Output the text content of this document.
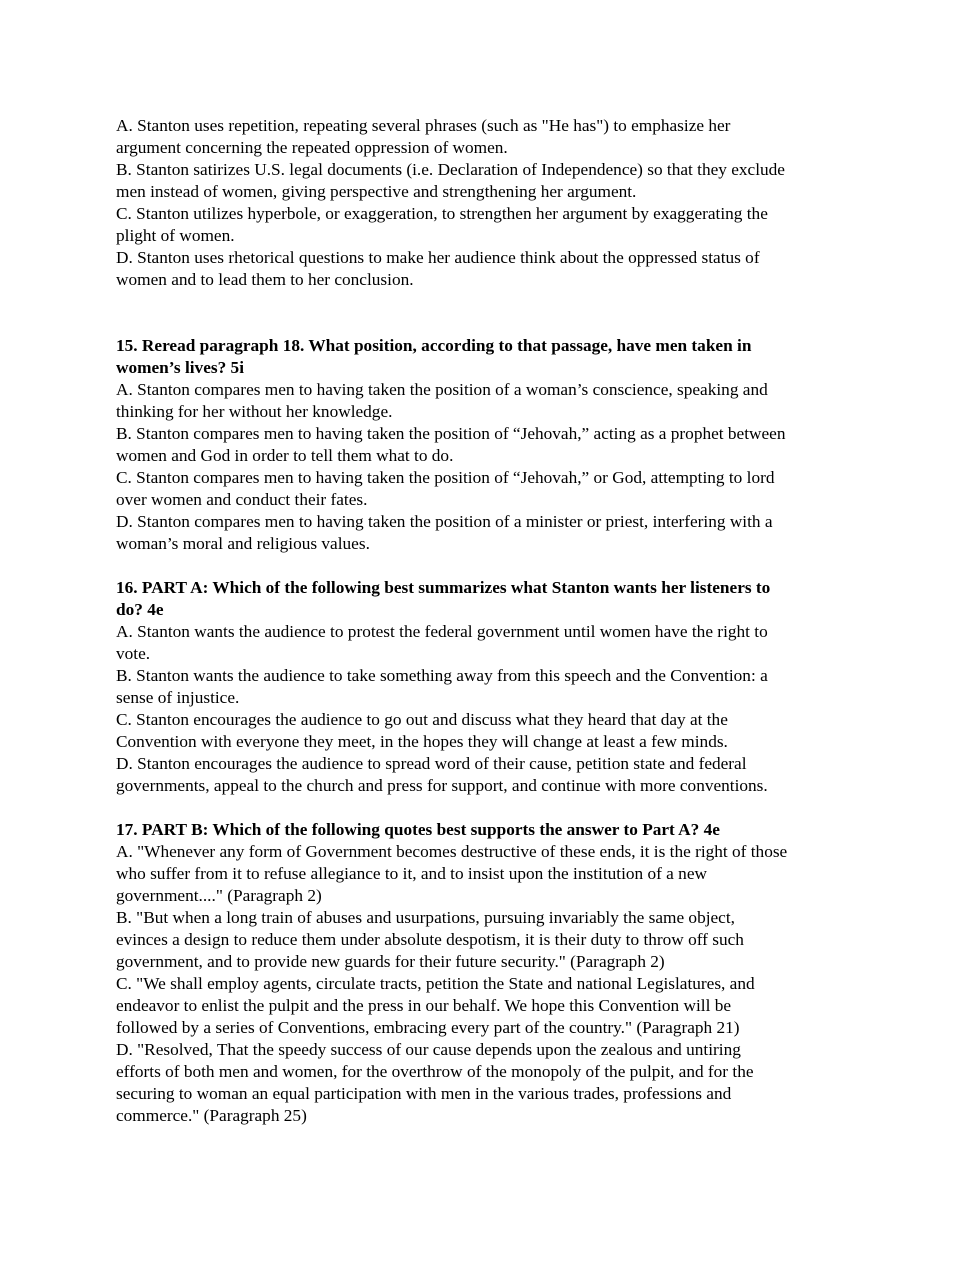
A. Stanton uses repetition, repeating several phrases (such as "He has") to emphasize her
argument concerning the repeated oppression of women.
B. Stanton satirizes U.S. legal documents (i.e. Declaration of Independence) so that they exclude
men instead of women, giving perspective and strengthening her argument.
C. Stanton utilizes hyperbole, or exaggeration, to strengthen her argument by exaggerating the
plight of women.
D. Stanton uses rhetorical questions to make her audience think about the oppressed status of
women and to lead them to her conclusion.
15. Reread paragraph 18. What position, according to that passage, have men taken in
women’s lives? 5i
A. Stanton compares men to having taken the position of a woman’s conscience, speaking and
thinking for her without her knowledge.
B. Stanton compares men to having taken the position of “Jehovah,” acting as a prophet between
women and God in order to tell them what to do.
C. Stanton compares men to having taken the position of “Jehovah,” or God, attempting to lord
over women and conduct their fates.
D. Stanton compares men to having taken the position of a minister or priest, interfering with a
woman’s moral and religious values.
16. PART A: Which of the following best summarizes what Stanton wants her listeners to
do? 4e
A. Stanton wants the audience to protest the federal government until women have the right to
vote.
B. Stanton wants the audience to take something away from this speech and the Convention: a
sense of injustice.
C. Stanton encourages the audience to go out and discuss what they heard that day at the
Convention with everyone they meet, in the hopes they will change at least a few minds.
D. Stanton encourages the audience to spread word of their cause, petition state and federal
governments, appeal to the church and press for support, and continue with more conventions.
17. PART B: Which of the following quotes best supports the answer to Part A? 4e
A. "Whenever any form of Government becomes destructive of these ends, it is the right of those
who suffer from it to refuse allegiance to it, and to insist upon the institution of a new
government...." (Paragraph 2)
B. "But when a long train of abuses and usurpations, pursuing invariably the same object,
evinces a design to reduce them under absolute despotism, it is their duty to throw off such
government, and to provide new guards for their future security." (Paragraph 2)
C. "We shall employ agents, circulate tracts, petition the State and national Legislatures, and
endeavor to enlist the pulpit and the press in our behalf. We hope this Convention will be
followed by a series of Conventions, embracing every part of the country." (Paragraph 21)
D. "Resolved, That the speedy success of our cause depends upon the zealous and untiring
efforts of both men and women, for the overthrow of the monopoly of the pulpit, and for the
securing to woman an equal participation with men in the various trades, professions and
commerce." (Paragraph 25)
